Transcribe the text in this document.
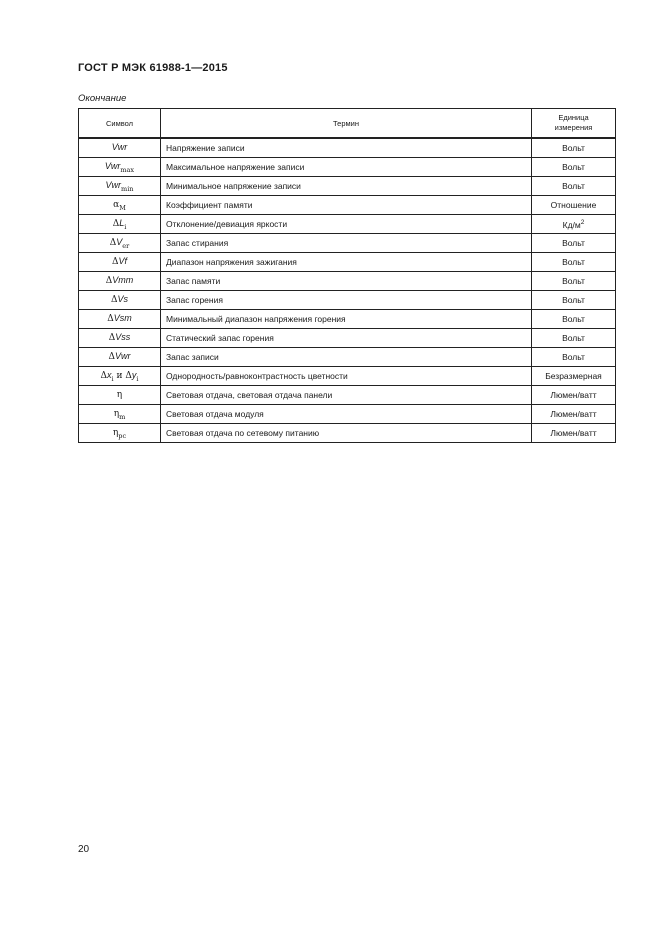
ГОСТ Р МЭК 61988-1—2015
Окончание
Символ	Термин	Единица
измерения
Vwr	Напряжение записи	Вольт
Vwr$_{max}$	Максимальное напряжение записи	Вольт
Vwr$_{min}$	Минимальное напряжение записи	Вольт
$\alpha_M$	Коэффициент памяти	Отношение
$\Delta L_i$	Отклонение/девиация яркости	$Кд/м^2$
$\Delta V_{er}$	Запас стирания	Вольт
ΔVf	Диапазон напряжения зажигания	Вольт
ΔVmm	Запас памяти	Вольт
ΔVs	Запас горения	Вольт
ΔVsm	Минимальный диапазон напряжения горения	Вольт
ΔVss	Статический запас горения	Вольт
ΔVwr	Запас записи	Вольт
$\Delta x_i$ и $\Delta y_i$	Однородность/равноконтрастность цветности	Безразмерная
η	Световая отдача, световая отдача панели	Люмен/ватт
$\eta_m$	Световая отдача модуля	Люмен/ватт
$\eta_{pc}$	Световая отдача по сетевому питанию	Люмен/ватт
20
